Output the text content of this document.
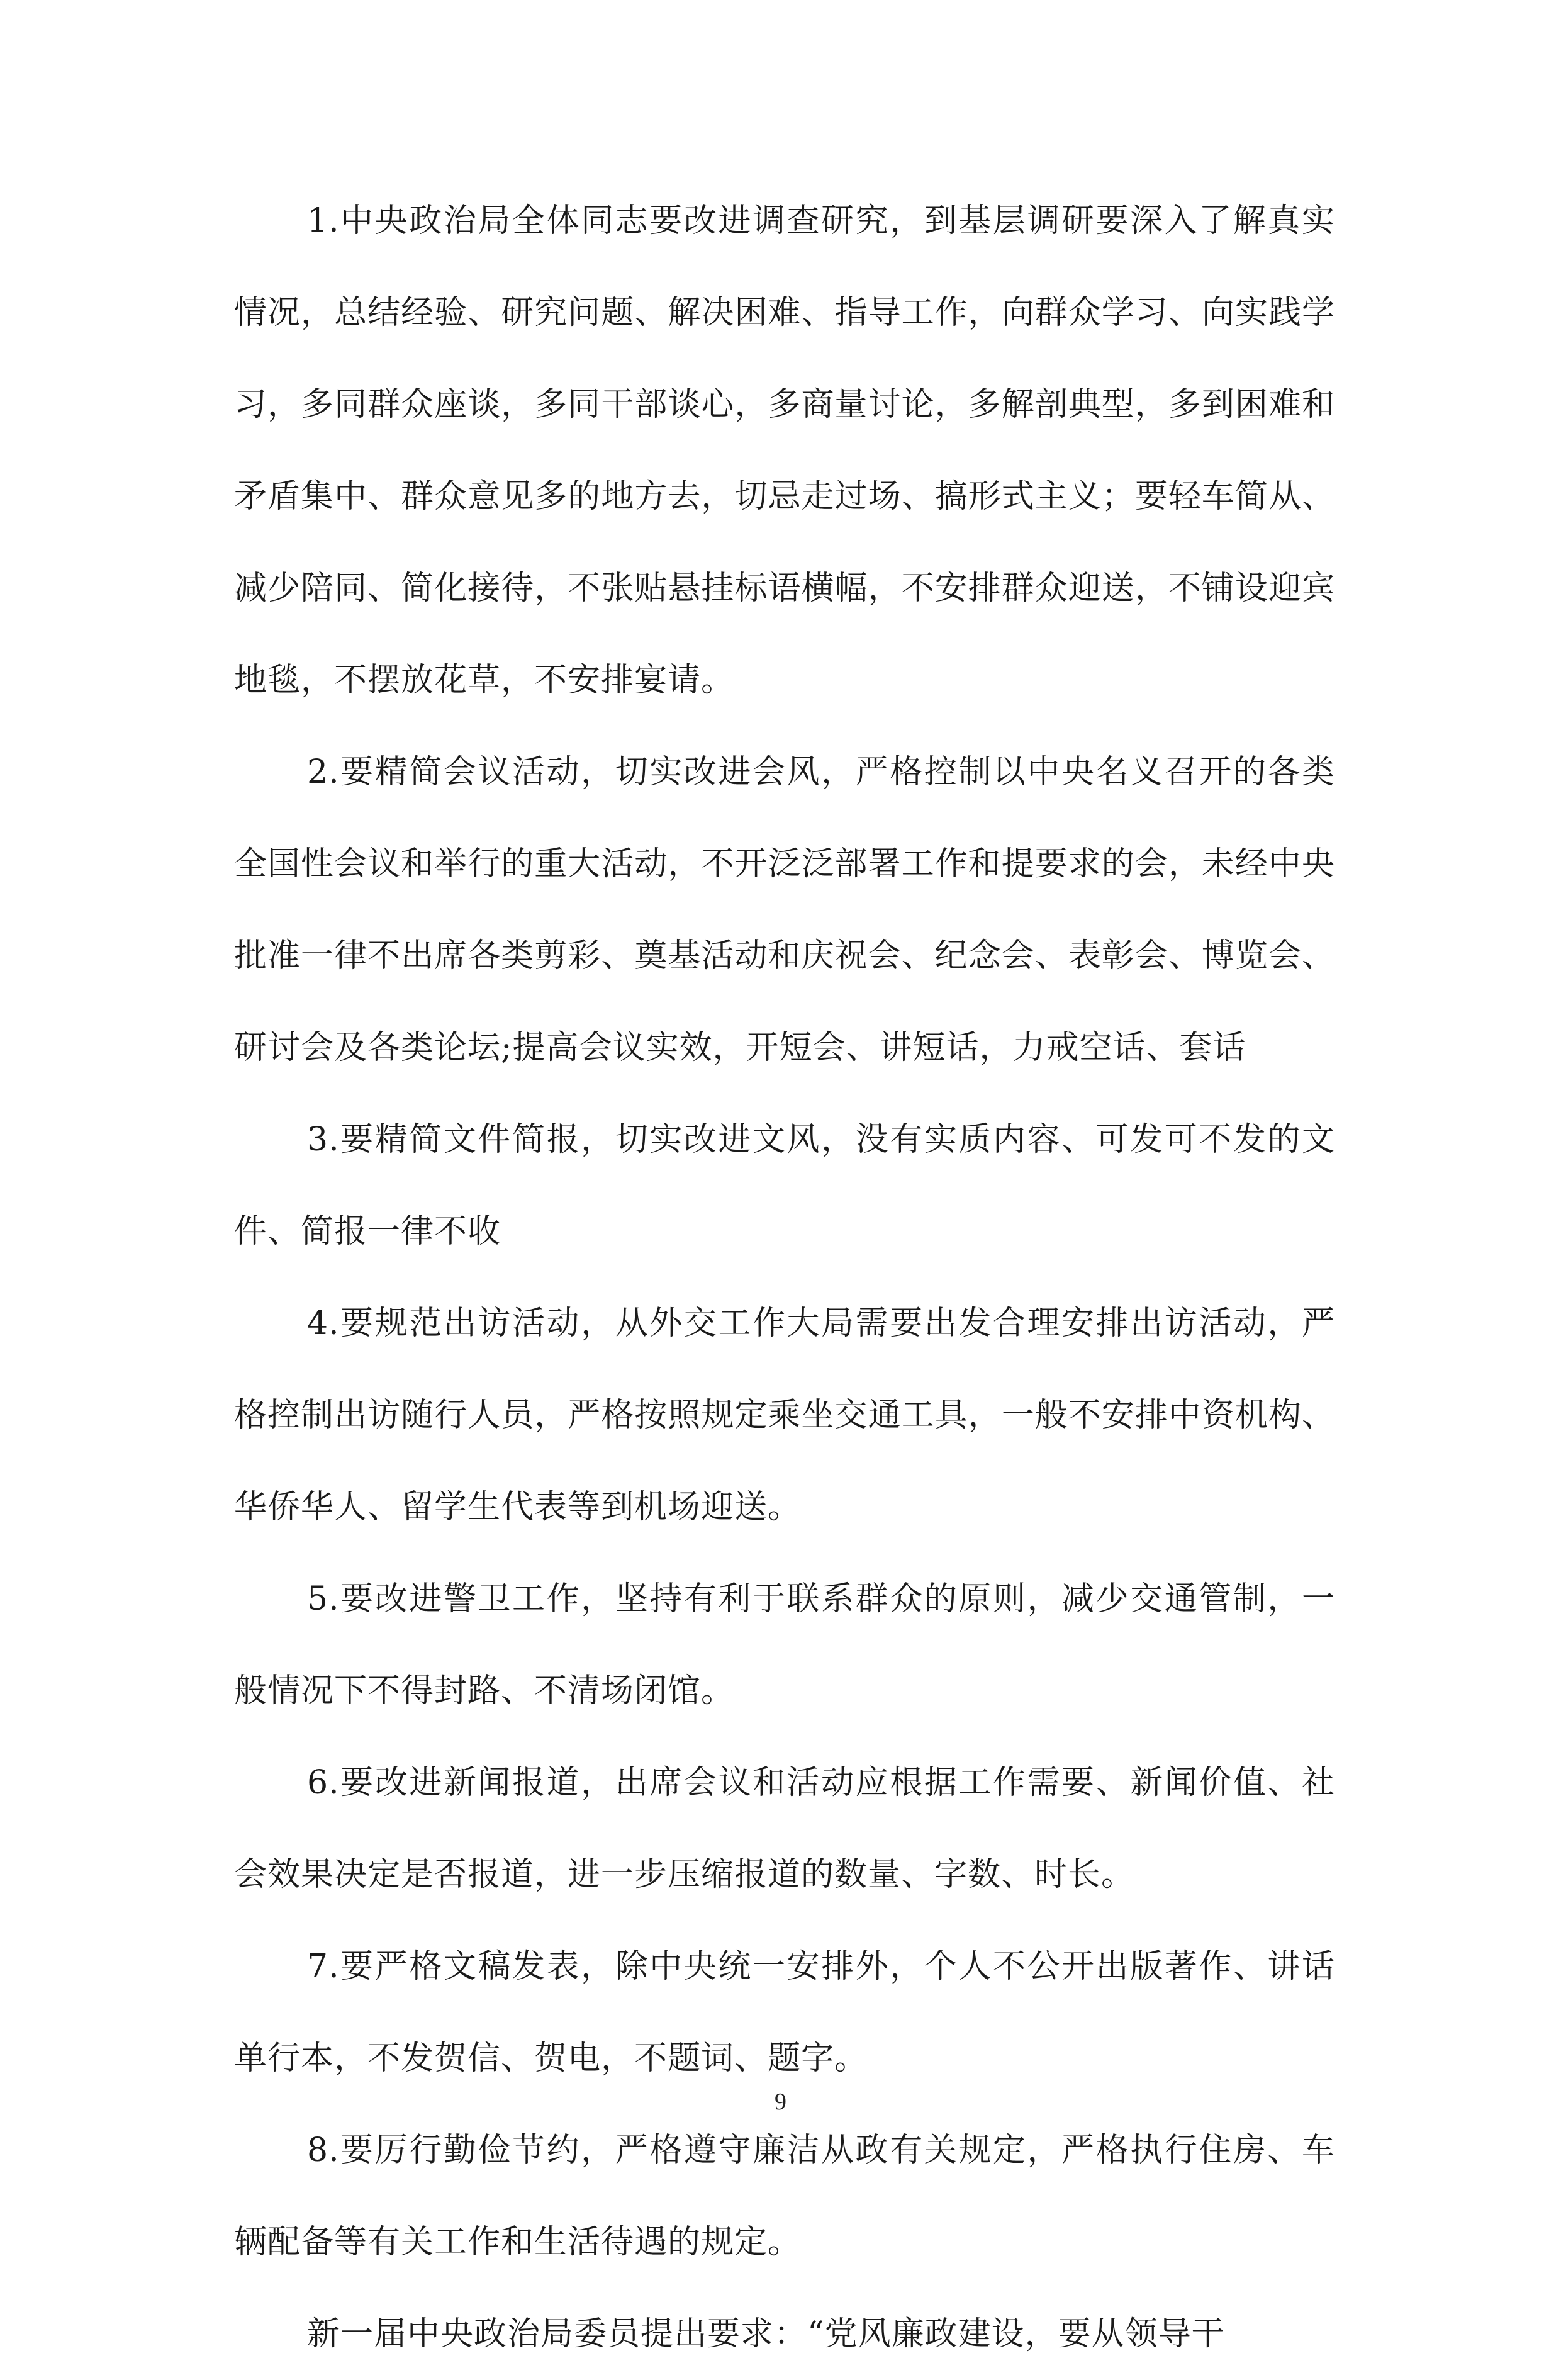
1.中央政治局全体同志要改进调查研究，到基层调研要深入了解真实情况，总结经验、研究问题、解决困难、指导工作，向群众学习、向实践学习，多同群众座谈，多同干部谈心，多商量讨论，多解剖典型，多到困难和矛盾集中、群众意见多的地方去，切忌走过场、搞形式主义；要轻车简从、减少陪同、简化接待，不张贴悬挂标语横幅，不安排群众迎送，不铺设迎宾地毯，不摆放花草，不安排宴请。

2.要精简会议活动，切实改进会风，严格控制以中央名义召开的各类全国性会议和举行的重大活动，不开泛泛部署工作和提要求的会，未经中央批准一律不出席各类剪彩、奠基活动和庆祝会、纪念会、表彰会、博览会、研讨会及各类论坛;提高会议实效，开短会、讲短话，力戒空话、套话

3.要精简文件简报，切实改进文风，没有实质内容、可发可不发的文件、简报一律不收

4.要规范出访活动，从外交工作大局需要出发合理安排出访活动，严格控制出访随行人员，严格按照规定乘坐交通工具，一般不安排中资机构、华侨华人、留学生代表等到机场迎送。

5.要改进警卫工作，坚持有利于联系群众的原则，减少交通管制，一般情况下不得封路、不清场闭馆。

6.要改进新闻报道，出席会议和活动应根据工作需要、新闻价值、社会效果决定是否报道，进一步压缩报道的数量、字数、时长。

7.要严格文稿发表，除中央统一安排外，个人不公开出版著作、讲话单行本，不发贺信、贺电，不题词、题字。

8.要厉行勤俭节约，严格遵守廉洁从政有关规定，严格执行住房、车辆配备等有关工作和生活待遇的规定。

新一届中央政治局委员提出要求：“党风廉政建设，要从领导干

9
